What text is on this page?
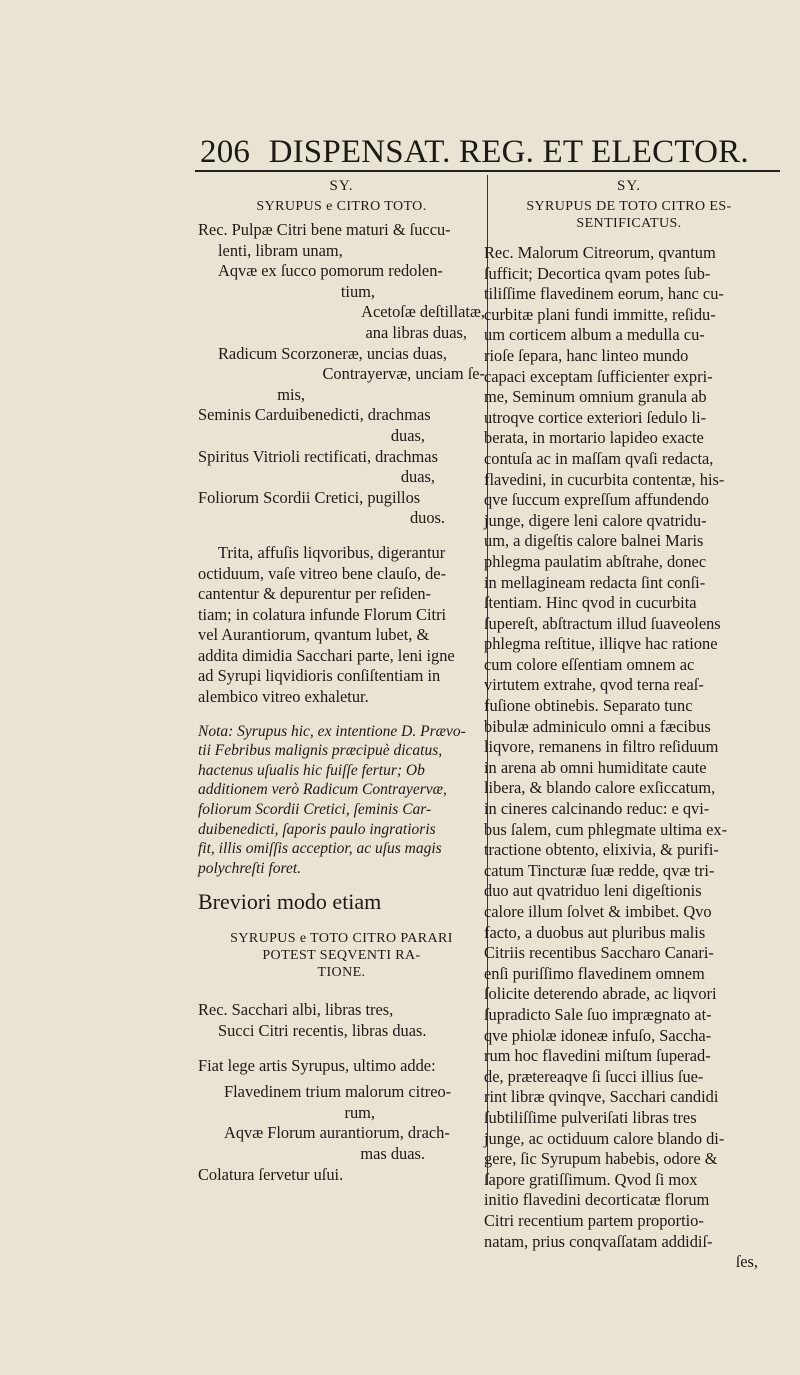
206 DISPENSAT. REG. ET ELECTOR.
SY.
SYRUPUS e CITRO TOTO.

Rec. Pulpæ Citri bene maturi & ſuccu-

lenti, libram unam,

Aqvæ ex ſucco pomorum redolen-

tium,

Acetoſæ deſtillatæ,

ana libras duas,

Radicum Scorzoneræ, uncias duas,

Contrayervæ, unciam ſe-

mis,

Seminis Carduibenedicti, drachmas

duas,

Spiritus Vitrioli rectificati, drachmas

duas,

Foliorum Scordii Cretici, pugillos

duos.

Trita, affuſis liqvoribus, digerantur

octiduum, vaſe vitreo bene clauſo, de-

cantentur & depurentur per reſiden-

tiam; in colatura infunde Florum Citri

vel Aurantiorum, qvantum lubet, &

addita dimidia Sacchari parte, leni igne

ad Syrupi liqvidioris conſiſtentiam in

alembico vitreo exhaletur.

Nota: Syrupus hic, ex intentione D. Prævo-

tii Febribus malignis præcipuè dicatus,

hactenus uſualis hic fuiſſe fertur; Ob

additionem verò Radicum Contrayervæ,

foliorum Scordii Cretici, ſeminis Car-

duibenedicti, ſaporis paulo ingratioris

fit, illis omiſſis acceptior, ac uſus magis

polychreſti foret.

Breviori modo etiam

SYRUPUS e TOTO CITRO PARARI
POTEST SEQVENTI RA-
TIONE.

Rec. Sacchari albi, libras tres,

Succi Citri recentis, libras duas.

Fiat lege artis Syrupus, ultimo adde:

Flavedinem trium malorum citreo-

rum,

Aqvæ Florum aurantiorum, drach-

mas duas.

Colatura ſervetur uſui.

SY.
SYRUPUS DE TOTO CITRO ES-
SENTIFICATUS.

Rec. Malorum Citreorum, qvantum

ſufficit; Decortica qvam potes ſub-

tiliſſime flavedinem eorum, hanc cu-

curbitæ plani fundi immitte, reſidu-

um corticem album a medulla cu-

rioſe ſepara, hanc linteo mundo

capaci exceptam ſufficienter expri-

me, Seminum omnium granula ab

utroqve cortice exteriori ſedulo li-

berata, in mortario lapideo exacte

contuſa ac in maſſam qvaſi redacta,

flavedini, in cucurbita contentæ, his-

qve ſuccum expreſſum affundendo

junge, digere leni calore qvatridu-

um, a digeſtis calore balnei Maris

phlegma paulatim abſtrahe, donec

in mellagineam redacta ſint conſi-

ſtentiam. Hinc qvod in cucurbita

ſupereſt, abſtractum illud ſuaveolens

phlegma reſtitue, illiqve hac ratione

cum colore eſſentiam omnem ac

virtutem extrahe, qvod terna reaſ-

fuſione obtinebis. Separato tunc

bibulæ adminiculo omni a fæcibus

liqvore, remanens in filtro reſiduum

in arena ab omni humiditate caute

libera, & blando calore exſiccatum,

in cineres calcinando reduc: e qvi-

bus ſalem, cum phlegmate ultima ex-

tractione obtento, elixivia, & purifi-

catum Tincturæ ſuæ redde, qvæ tri-

duo aut qvatriduo leni digeſtionis

calore illum ſolvet & imbibet. Qvo

facto, a duobus aut pluribus malis

Citriis recentibus Saccharo Canari-

enſi puriſſimo flavedinem omnem

ſolicite deterendo abrade, ac liqvori

ſupradicto Sale ſuo imprægnato at-

qve phiolæ idoneæ infuſo, Saccha-

rum hoc flavedini miſtum ſuperad-

de, prætereaqve ſi ſucci illius ſue-

rint libræ qvinqve, Sacchari candidi

ſubtiliſſime pulveriſati libras tres

junge, ac octiduum calore blando di-

gere, ſic Syrupum habebis, odore &

ſapore gratiſſimum. Qvod ſi mox

initio flavedini decorticatæ florum

Citri recentium partem proportio-

natam, prius conqvaſſatam addidiſ-

ſes,
